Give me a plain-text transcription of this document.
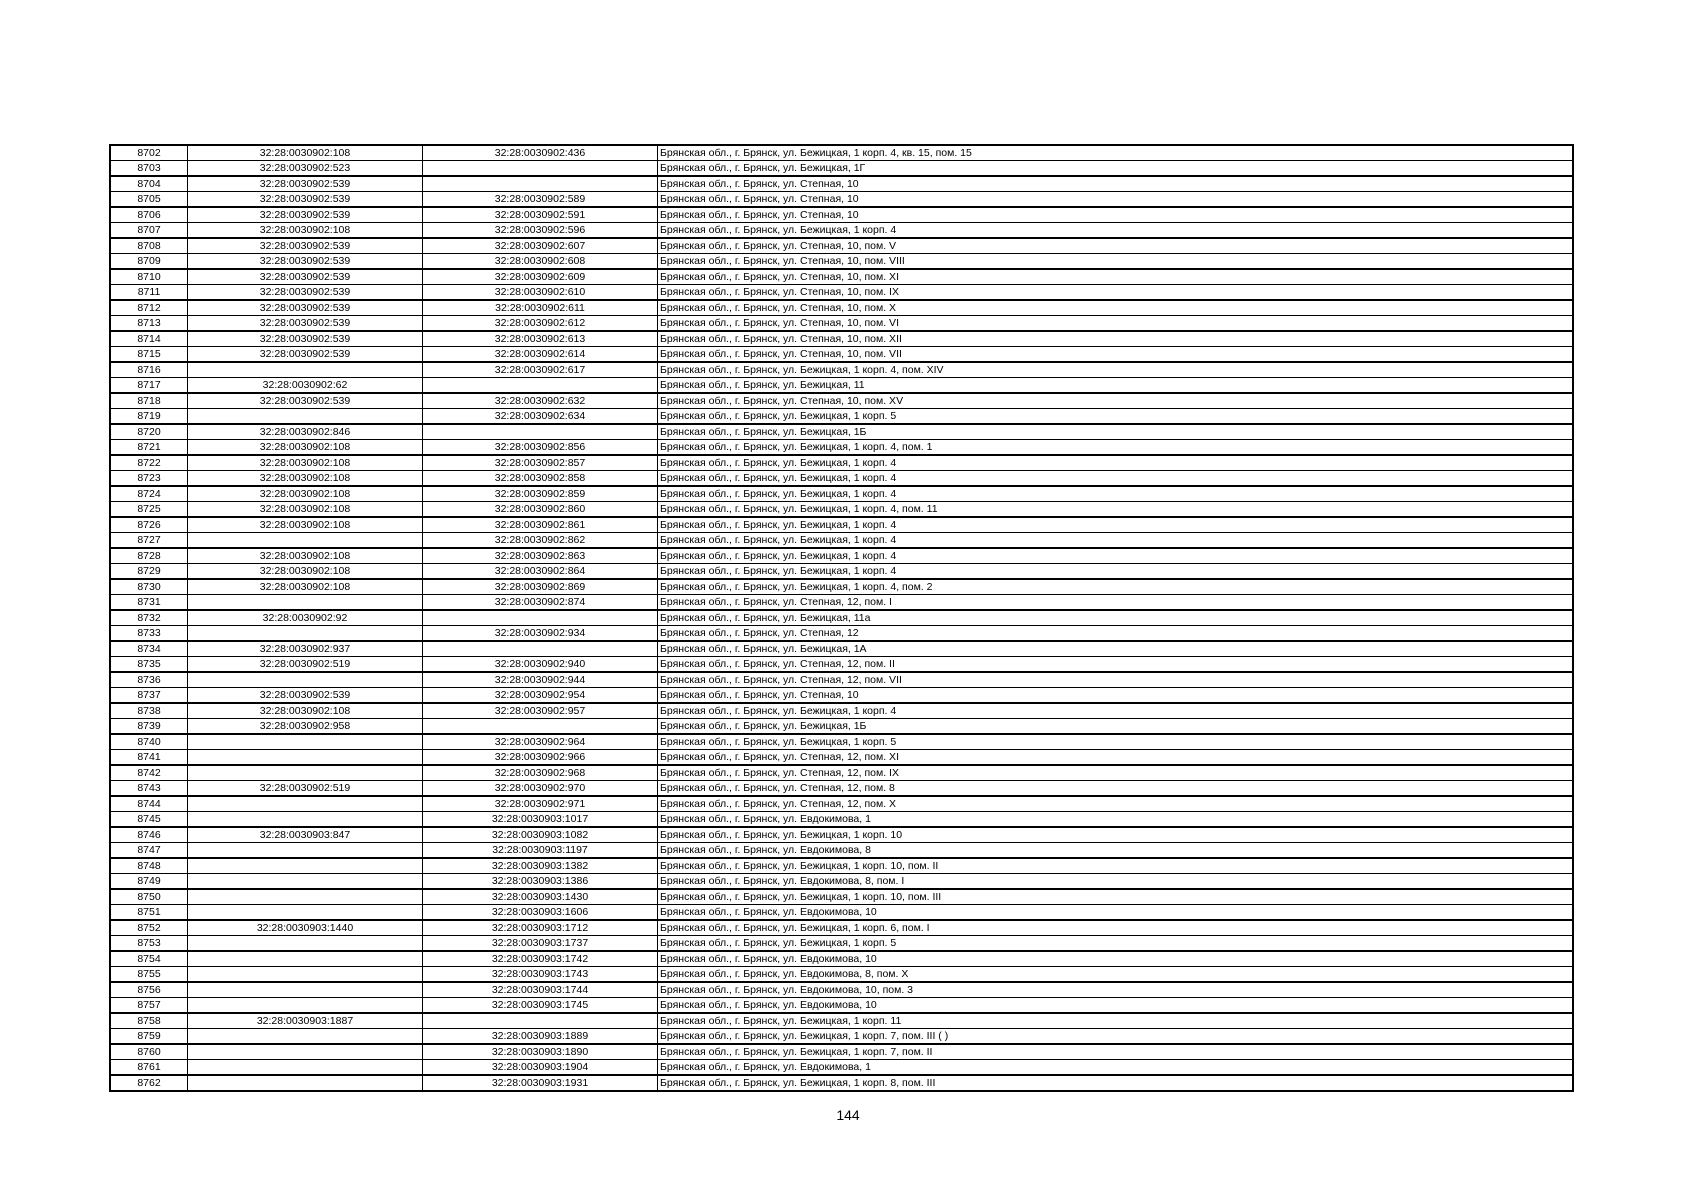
8702	32:28:0030902:108	32:28:0030902:436	Брянская обл., г. Брянск, ул. Бежицкая, 1 корп. 4, кв. 15, пом. 15
8703	32:28:0030902:523		Брянская обл., г. Брянск, ул. Бежицкая, 1Г
8704	32:28:0030902:539		Брянская обл., г. Брянск, ул. Степная, 10
8705	32:28:0030902:539	32:28:0030902:589	Брянская обл., г. Брянск, ул. Степная, 10
8706	32:28:0030902:539	32:28:0030902:591	Брянская обл., г. Брянск, ул. Степная, 10
8707	32:28:0030902:108	32:28:0030902:596	Брянская обл., г. Брянск, ул. Бежицкая, 1 корп. 4
8708	32:28:0030902:539	32:28:0030902:607	Брянская обл., г. Брянск, ул. Степная, 10, пом. V
8709	32:28:0030902:539	32:28:0030902:608	Брянская обл., г. Брянск, ул. Степная, 10, пом. VIII
8710	32:28:0030902:539	32:28:0030902:609	Брянская обл., г. Брянск, ул. Степная, 10, пом. XI
8711	32:28:0030902:539	32:28:0030902:610	Брянская обл., г. Брянск, ул. Степная, 10, пом. IX
8712	32:28:0030902:539	32:28:0030902:611	Брянская обл., г. Брянск, ул. Степная, 10, пом. X
8713	32:28:0030902:539	32:28:0030902:612	Брянская обл., г. Брянск, ул. Степная, 10, пом. VI
8714	32:28:0030902:539	32:28:0030902:613	Брянская обл., г. Брянск, ул. Степная, 10, пом. XII
8715	32:28:0030902:539	32:28:0030902:614	Брянская обл., г. Брянск, ул. Степная, 10, пом. VII
8716		32:28:0030902:617	Брянская обл., г. Брянск, ул. Бежицкая, 1 корп. 4, пом. XIV
8717	32:28:0030902:62		Брянская обл., г. Брянск, ул. Бежицкая, 11
8718	32:28:0030902:539	32:28:0030902:632	Брянская обл., г. Брянск, ул. Степная, 10, пом. XV
8719		32:28:0030902:634	Брянская обл., г. Брянск, ул. Бежицкая, 1 корп. 5
8720	32:28:0030902:846		Брянская обл., г. Брянск, ул. Бежицкая, 1Б
8721	32:28:0030902:108	32:28:0030902:856	Брянская обл., г. Брянск, ул. Бежицкая, 1 корп. 4, пом. 1
8722	32:28:0030902:108	32:28:0030902:857	Брянская обл., г. Брянск, ул. Бежицкая, 1 корп. 4
8723	32:28:0030902:108	32:28:0030902:858	Брянская обл., г. Брянск, ул. Бежицкая, 1 корп. 4
8724	32:28:0030902:108	32:28:0030902:859	Брянская обл., г. Брянск, ул. Бежицкая, 1 корп. 4
8725	32:28:0030902:108	32:28:0030902:860	Брянская обл., г. Брянск, ул. Бежицкая, 1 корп. 4, пом. 11
8726	32:28:0030902:108	32:28:0030902:861	Брянская обл., г. Брянск, ул. Бежицкая, 1 корп. 4
8727		32:28:0030902:862	Брянская обл., г. Брянск, ул. Бежицкая, 1 корп. 4
8728	32:28:0030902:108	32:28:0030902:863	Брянская обл., г. Брянск, ул. Бежицкая, 1 корп. 4
8729	32:28:0030902:108	32:28:0030902:864	Брянская обл., г. Брянск, ул. Бежицкая, 1 корп. 4
8730	32:28:0030902:108	32:28:0030902:869	Брянская обл., г. Брянск, ул. Бежицкая, 1 корп. 4, пом. 2
8731		32:28:0030902:874	Брянская обл., г. Брянск, ул. Степная, 12, пом. I
8732	32:28:0030902:92		Брянская обл., г. Брянск, ул. Бежицкая, 11а
8733		32:28:0030902:934	Брянская обл., г. Брянск, ул. Степная, 12
8734	32:28:0030902:937		Брянская обл., г. Брянск, ул. Бежицкая, 1А
8735	32:28:0030902:519	32:28:0030902:940	Брянская обл., г. Брянск, ул. Степная, 12, пом. II
8736		32:28:0030902:944	Брянская обл., г. Брянск, ул. Степная, 12, пом. VII
8737	32:28:0030902:539	32:28:0030902:954	Брянская обл., г. Брянск, ул. Степная, 10
8738	32:28:0030902:108	32:28:0030902:957	Брянская обл., г. Брянск, ул. Бежицкая, 1 корп. 4
8739	32:28:0030902:958		Брянская обл., г. Брянск, ул. Бежицкая, 1Б
8740		32:28:0030902:964	Брянская обл., г. Брянск, ул. Бежицкая, 1 корп. 5
8741		32:28:0030902:966	Брянская обл., г. Брянск, ул. Степная, 12, пом. XI
8742		32:28:0030902:968	Брянская обл., г. Брянск, ул. Степная, 12, пом. IX
8743	32:28:0030902:519	32:28:0030902:970	Брянская обл., г. Брянск, ул. Степная, 12, пом. 8
8744		32:28:0030902:971	Брянская обл., г. Брянск, ул. Степная, 12, пом. X
8745		32:28:0030903:1017	Брянская обл., г. Брянск, ул. Евдокимова, 1
8746	32:28:0030903:847	32:28:0030903:1082	Брянская обл., г. Брянск, ул. Бежицкая, 1 корп. 10
8747		32:28:0030903:1197	Брянская обл., г. Брянск, ул. Евдокимова, 8
8748		32:28:0030903:1382	Брянская обл., г. Брянск, ул. Бежицкая, 1 корп. 10, пом. II
8749		32:28:0030903:1386	Брянская обл., г. Брянск, ул. Евдокимова, 8, пом. I
8750		32:28:0030903:1430	Брянская обл., г. Брянск, ул. Бежицкая, 1 корп. 10, пом. III
8751		32:28:0030903:1606	Брянская обл., г. Брянск, ул. Евдокимова, 10
8752	32:28:0030903:1440	32:28:0030903:1712	Брянская обл., г. Брянск, ул. Бежицкая, 1 корп. 6, пом. I
8753		32:28:0030903:1737	Брянская обл., г. Брянск, ул. Бежицкая, 1 корп. 5
8754		32:28:0030903:1742	Брянская обл., г. Брянск, ул. Евдокимова, 10
8755		32:28:0030903:1743	Брянская обл., г. Брянск, ул. Евдокимова, 8, пом. X
8756		32:28:0030903:1744	Брянская обл., г. Брянск, ул. Евдокимова, 10, пом. 3
8757		32:28:0030903:1745	Брянская обл., г. Брянск, ул. Евдокимова, 10
8758	32:28:0030903:1887		Брянская обл., г. Брянск, ул. Бежицкая, 1 корп. 11
8759		32:28:0030903:1889	Брянская обл., г. Брянск, ул. Бежицкая, 1 корп. 7, пом. III ( )
8760		32:28:0030903:1890	Брянская обл., г. Брянск, ул. Бежицкая, 1 корп. 7, пом. II
8761		32:28:0030903:1904	Брянская обл., г. Брянск, ул. Евдокимова, 1
8762		32:28:0030903:1931	Брянская обл., г. Брянск, ул. Бежицкая, 1 корп. 8, пом. III
144
